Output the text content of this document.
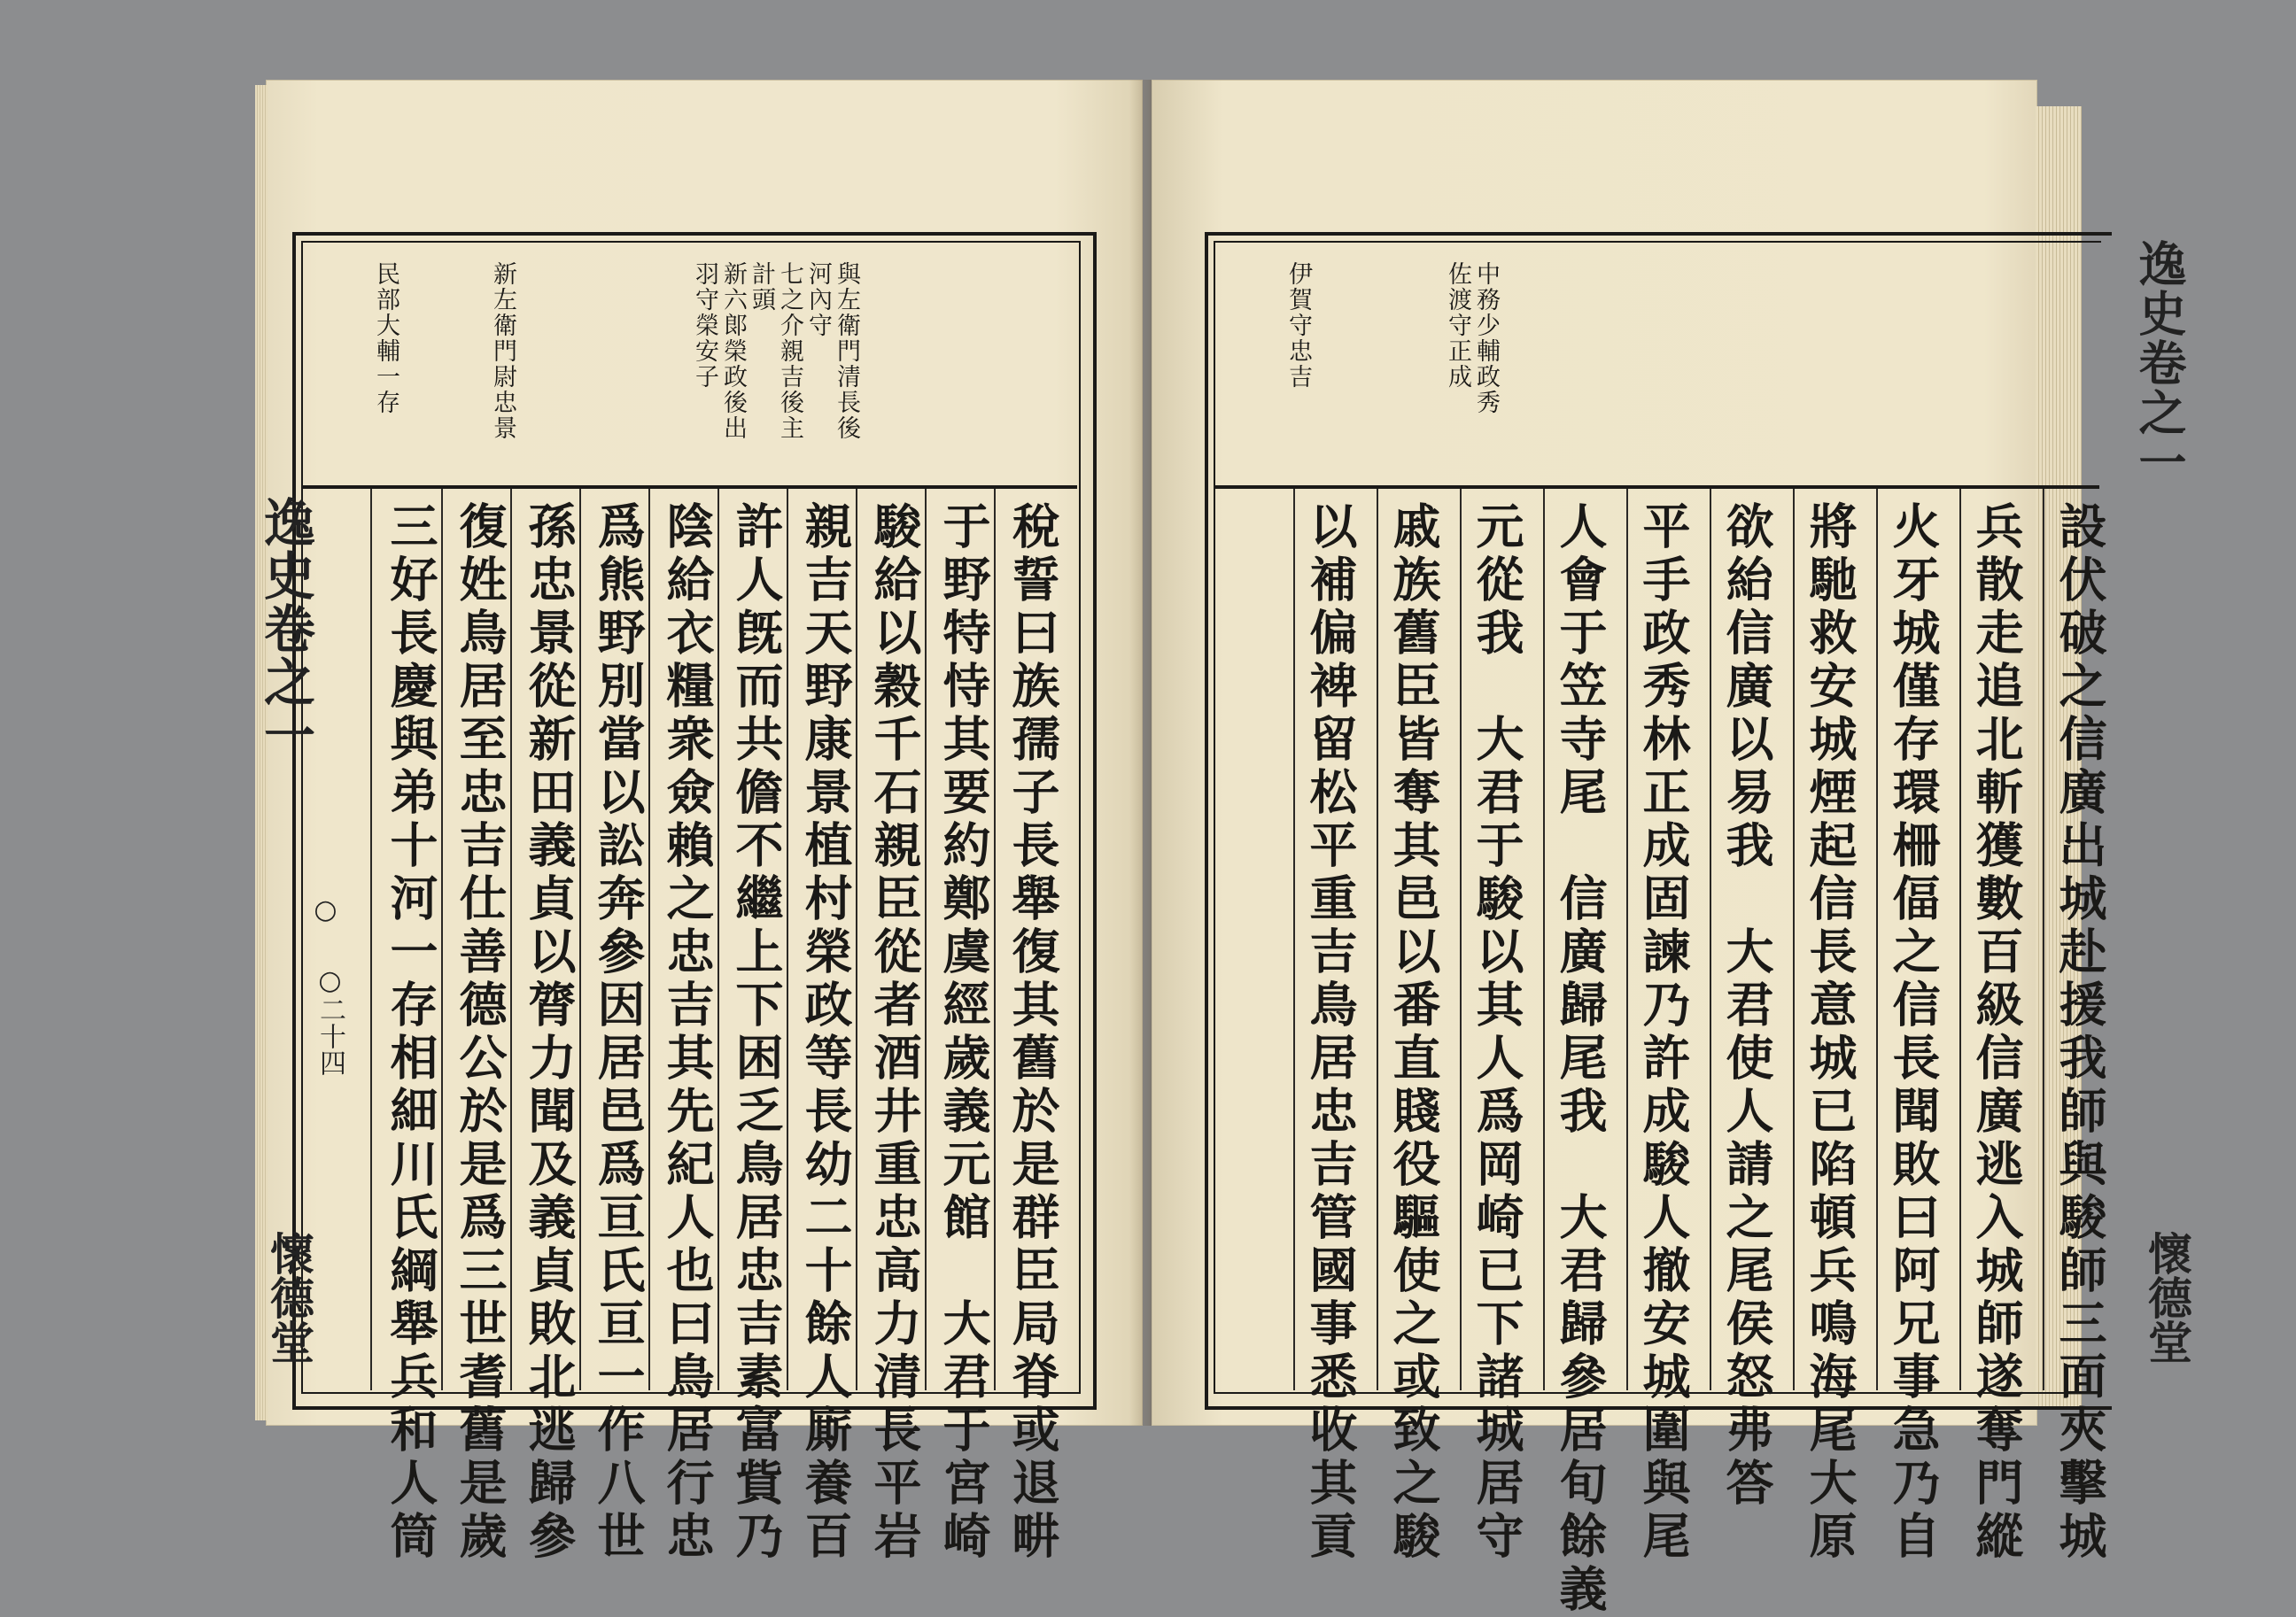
民部大輔一存	新左衛門尉忠景	與左衛門清長後
河內守
七之介親吉後主
計頭
新六郞榮政後出
羽守榮安子
稅誓曰族孺子長舉復其舊於是群臣局脊或退畊
于野特恃其要約鄭虞經歲義元館　大君于宮崎
駿給以穀千石親臣從者酒井重忠高力清長平岩
親吉天野康景植村榮政等長幼二十餘人廝養百
許人旣而共儋不繼上下困乏鳥居忠吉素富貲乃
陰給衣糧衆僉賴之忠吉其先紀人也曰鳥居行忠
爲熊野別當以訟奔參因居邑爲亘氏亘一作八世
孫忠景從新田義貞以膂力聞及義貞敗北逃歸參
復姓鳥居至忠吉仕善德公於是爲三世耆舊是歲
三好長慶與弟十河一存相細川氏綱舉兵和人筒
逸史卷之一
○
○二十四
懷德堂
中務少輔政秀
佐渡守正成
伊賀守忠吉
設伏破之信廣出城赴援我師與駿師三面夾擊城
兵散走追北斬獲數百級信廣逃入城師遂奪門縱
火牙城僅存環柵偪之信長聞敗曰阿兄事急乃自
將馳救安城煙起信長意城已陷頓兵鳴海尾大原
欲紿信廣以易我　大君使人請之尾侯怒弗答
平手政秀林正成固諫乃許成駿人撤安城圍與尾
人會于笠寺尾　信廣歸尾我　大君歸參居旬餘義
元從我　大君于駿以其人爲岡崎已下諸城居守
戚族舊臣皆奪其邑以番直賤役驅使之或致之駿
以補偏裨留松平重吉鳥居忠吉管國事悉收其貢
逸史卷之一
懷德堂
